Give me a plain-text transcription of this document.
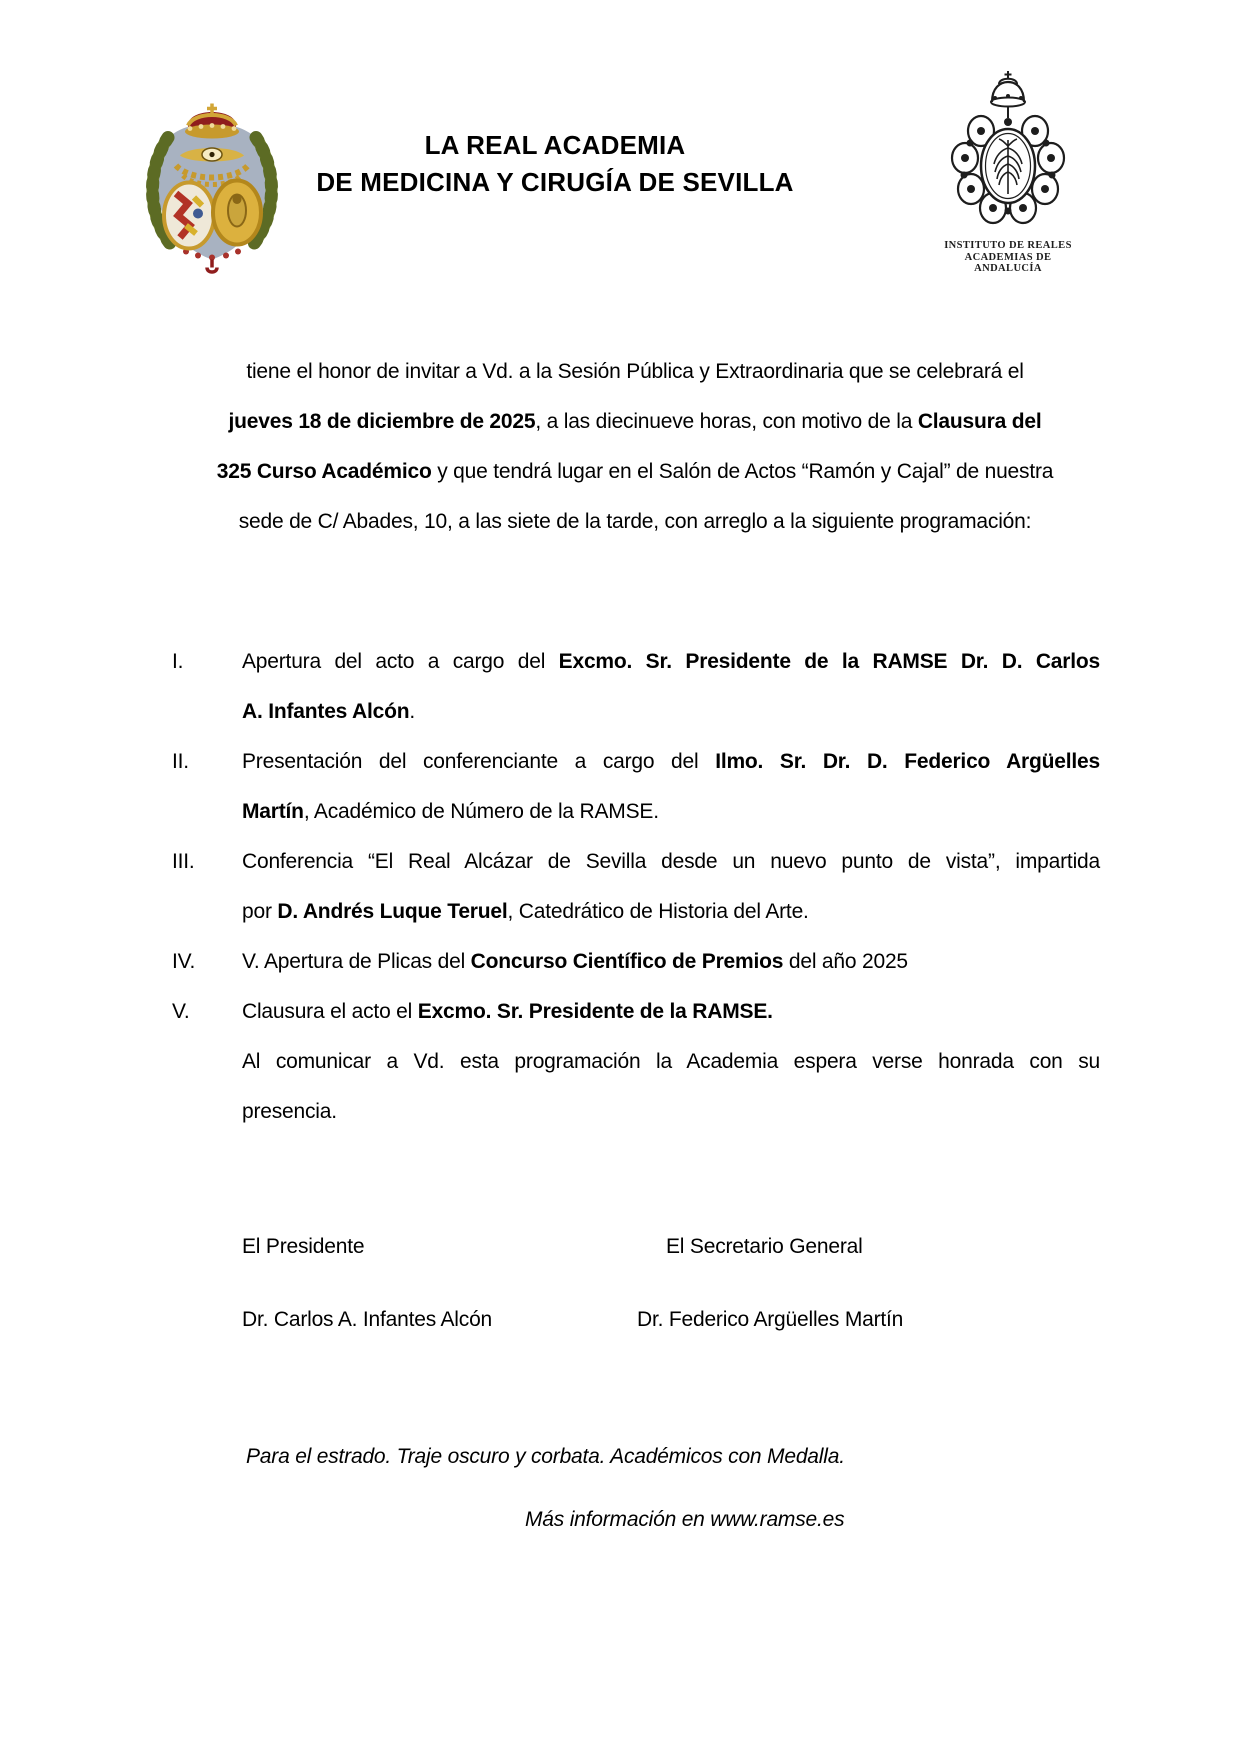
LA REAL ACADEMIA
DE MEDICINA Y CIRUGÍA DE SEVILLA
INSTITUTO DE REALES
ACADEMIAS DE
ANDALUCÍA
tiene el honor de invitar a Vd. a la Sesión Pública y Extraordinaria que se celebrará el
jueves 18 de diciembre de 2025, a las diecinueve horas, con motivo de la Clausura del
325 Curso Académico y que tendrá lugar en el Salón de Actos “Ramón y Cajal” de nuestra
sede de C/ Abades, 10, a las siete de la tarde, con arreglo a la siguiente programación:
I.	Apertura del acto a cargo del Excmo. Sr. Presidente de la RAMSE Dr. D. Carlos
A. Infantes Alcón.
II.	Presentación del conferenciante a cargo del Ilmo. Sr. Dr. D. Federico Argüelles
Martín, Académico de Número de la RAMSE.
III.	Conferencia “El Real Alcázar de Sevilla desde un nuevo punto de vista”, impartida
por D. Andrés Luque Teruel, Catedrático de Historia del Arte.
IV.	V. Apertura de Plicas del Concurso Científico de Premios del año 2025
V.	Clausura el acto el Excmo. Sr. Presidente de la RAMSE.
Al comunicar a Vd. esta programación la Academia espera verse honrada con su
presencia.
El Presidente	El Secretario General
Dr. Carlos A. Infantes Alcón	Dr. Federico Argüelles Martín
Para el estrado. Traje oscuro y corbata. Académicos con Medalla.
Más información en www.ramse.es
